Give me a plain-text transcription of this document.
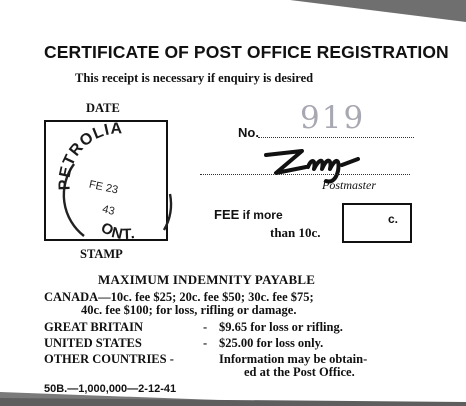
CERTIFICATE OF POST OFFICE REGISTRATION
This receipt is necessary if enquiry is desired
DATE
PETROLIA
FE 23
43
ONT.
STAMP
No. 919
Postmaster
FEE if more
than 10c.
c.
MAXIMUM INDEMNITY PAYABLE
CANADA—10c. fee $25; 20c. fee $50; 30c. fee $75;
40c. fee $100; for loss, rifling or damage.
GREAT BRITAIN	- $9.65 for loss or rifling.
UNITED STATES	- $25.00 for loss only.
OTHER COUNTRIES -	Information may be obtain-
ed at the Post Office.
50B.—1,000,000—2-12-41
